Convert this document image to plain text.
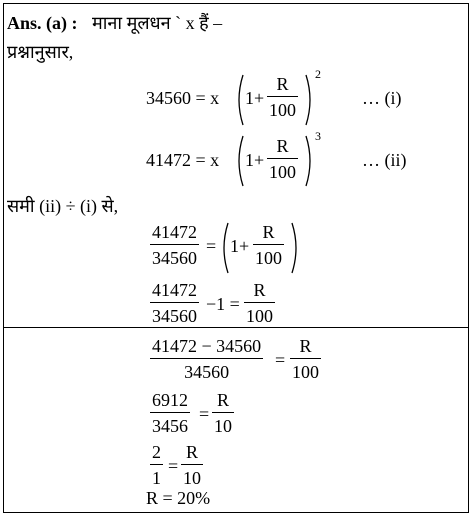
Ans. (a) : माना मूलधन ` x हैं –
प्रश्नानुसार,
34560 = x 1+
R
100
2
… (i)
41472 = x 1+
R
100
3
… (ii)
समी (ii) ÷ (i) से,
41472
34560
= 1+
R
100
41472
34560
−1 =
R
100
41472 − 34560
34560
=
R
100
6912
3456
=
R
10
2
1
=
R
10
R = 20%
